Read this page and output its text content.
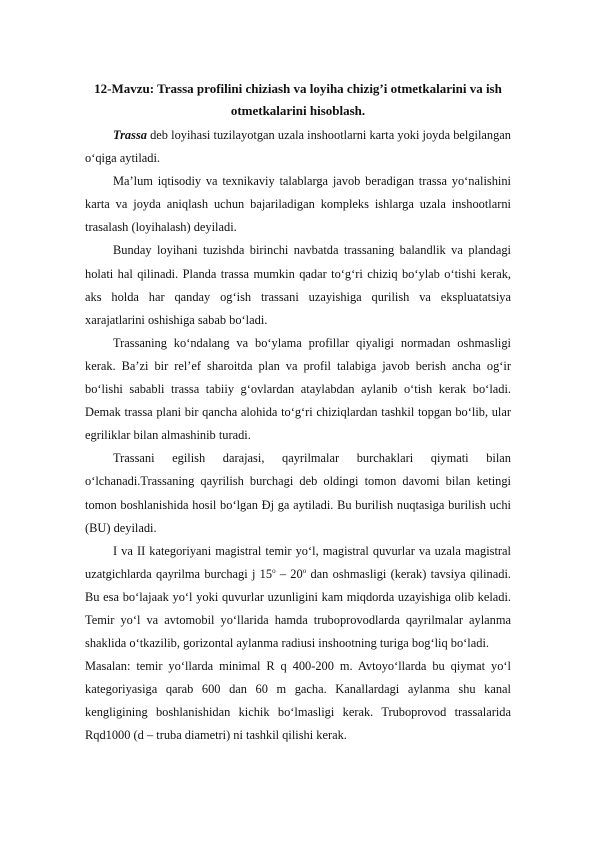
12-Mavzu: Trassa profilini chiziash va loyiha chizig’i otmetkalarini va ish
otmetkalarini hisoblash.

Trassa deb loyihasi tuzilayotgan uzala inshootlarni karta yoki joyda belgilangan o‘qiga aytiladi.

Ma’lum iqtisodiy va texnikaviy talablarga javob beradigan trassa yo‘nalishini karta va joyda aniqlash uchun bajariladigan kompleks ishlarga uzala inshootlarni trasalash (loyihalash) deyiladi.

Bunday loyihani tuzishda birinchi navbatda trassaning balandlik va plandagi holati hal qilinadi. Planda trassa mumkin qadar to‘g‘ri chiziq bo‘ylab o‘tishi kerak, aks holda har qanday og‘ish trassani uzayishiga qurilish va ekspluatatsiya xarajatlarini oshishiga sabab bo‘ladi.

Trassaning ko‘ndalang va bo‘ylama profillar qiyaligi normadan oshmasligi kerak. Ba’zi bir rel’ef sharoitda plan va profil talabiga javob berish ancha og‘ir bo‘lishi sababli trassa tabiiy g‘ovlardan ataylabdan aylanib o‘tish kerak bo‘ladi. Demak trassa plani bir qancha alohida to‘g‘ri chiziqlardan tashkil topgan bo‘lib, ular egriliklar bilan almashinib turadi.

Trassani egilish darajasi, qayrilmalar burchaklari qiymati bilan o‘lchanadi.Trassaning qayrilish burchagi deb oldingi tomon davomi bilan ketingi tomon boshlanishida hosil bo‘lgan Ðj ga aytiladi. Bu burilish nuqtasiga burilish uchi (BU) deyiladi.

I va II kategoriyani magistral temir yo‘l, magistral quvurlar va uzala magistral uzatgichlarda qayrilma burchagi j 15$^o$ – 20$^o$ dan oshmasligi (kerak) tavsiya qilinadi. Bu esa bo‘lajaak yo‘l yoki quvurlar uzunligini kam miqdorda uzayishiga olib keladi. Temir yo‘l va avtomobil yo‘llarida hamda truboprovodlarda qayrilmalar aylanma shaklida o‘tkazilib, gorizontal aylanma radiusi inshootning turiga bog‘liq bo‘ladi.

Masalan: temir yo‘llarda minimal R q 400-200 m. Avtoyo‘llarda bu qiymat yo‘l kategoriyasiga qarab 600 dan 60 m gacha. Kanallardagi aylanma shu kanal kengligining boshlanishidan kichik bo‘lmasligi kerak. Truboprovod trassalarida Rqd1000 (d – truba diametri) ni tashkil qilishi kerak.
